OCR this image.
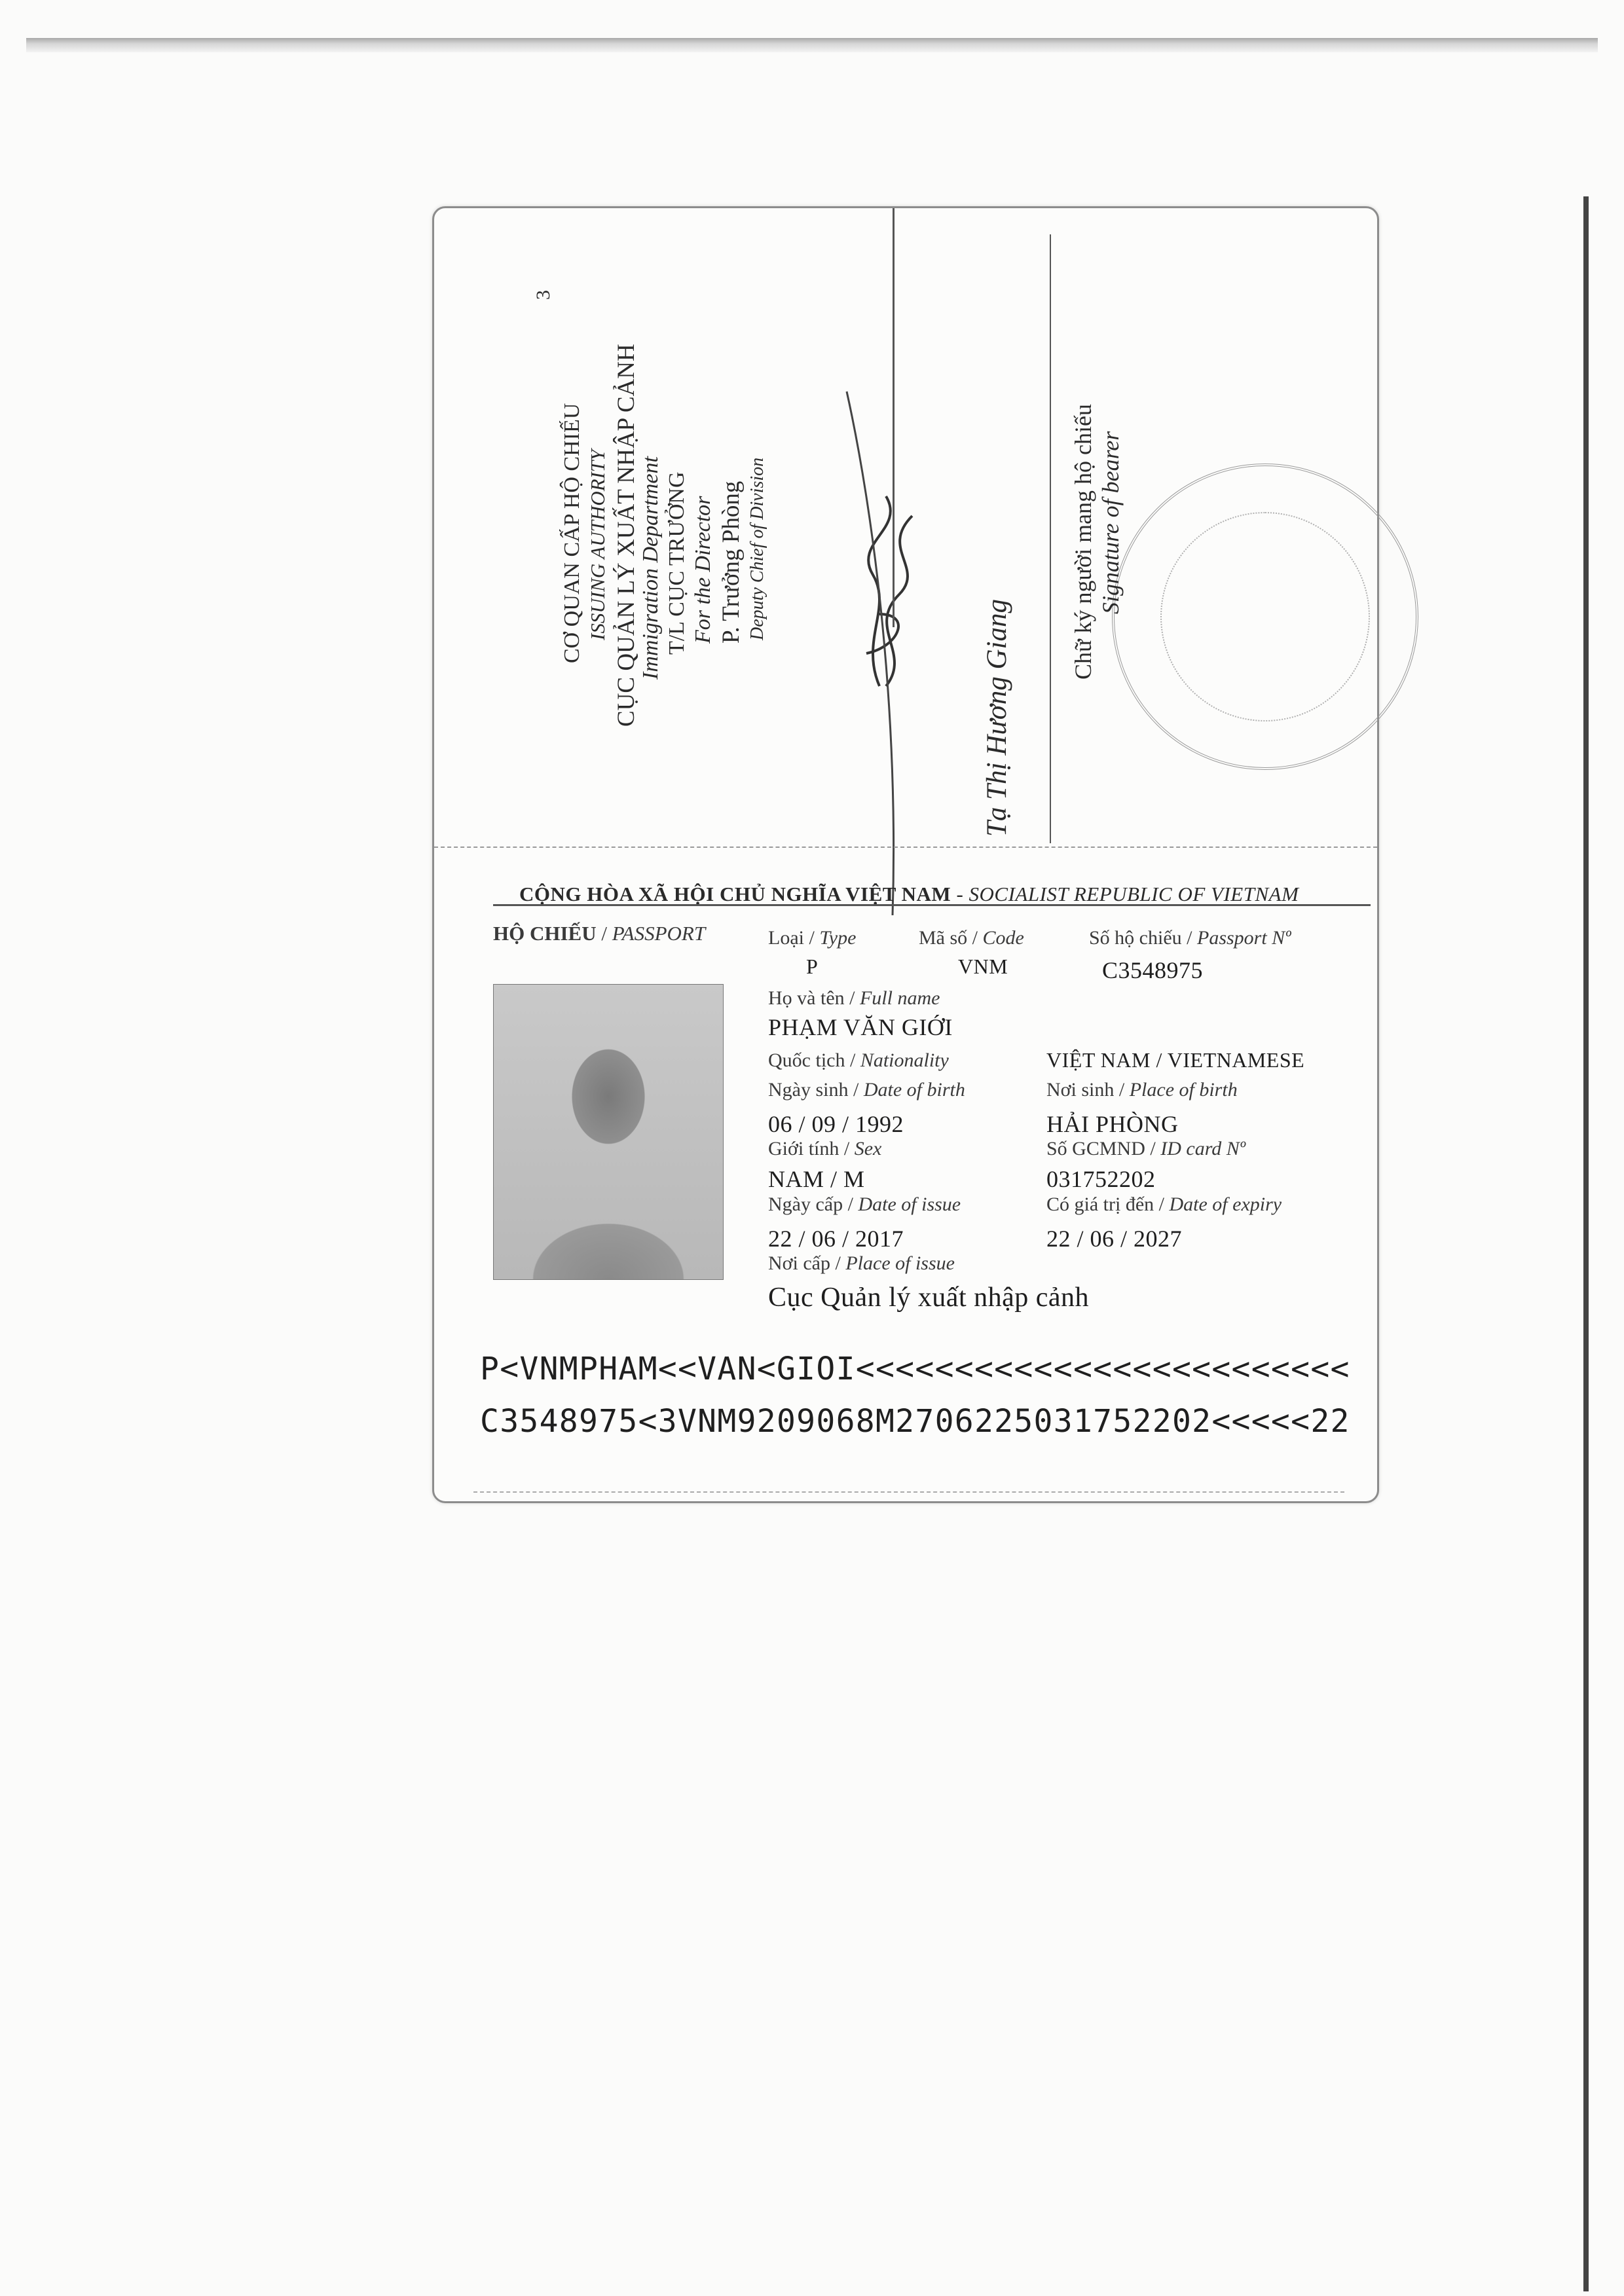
3
CƠ QUAN CẤP HỘ CHIẾU ISSUING AUTHORITY CỤC QUẢN LÝ XUẤT NHẬP CẢNH
Immigration Department T/L CỤC TRƯỞNG For the Director P. Trưởng Phòng Deputy Chief of Division
Tạ Thị Hương Giang
Chữ ký người mang hộ chiếu Signature of bearer
CỘNG HÒA XÃ HỘI CHỦ NGHĨA VIỆT NAM - SOCIALIST REPUBLIC OF VIETNAM
HỘ CHIẾU / PASSPORT	Loại / Type
P
Mã số / Code
VNM
Số hộ chiếu / Passport Nº
C3548975
Họ và tên / Full name
PHẠM VĂN GIỚI
Quốc tịch / Nationality	VIỆT NAM / VIETNAMESE
Ngày sinh / Date of birth	Nơi sinh / Place of birth
06 / 09 / 1992	HẢI PHÒNG
Giới tính / Sex	Số GCMND / ID card Nº
NAM / M	031752202
Ngày cấp / Date of issue	Có giá trị đến / Date of expiry
22 / 06 / 2017	22 / 06 / 2027
Nơi cấp / Place of issue
Cục Quản lý xuất nhập cảnh
P<VNMPHAM<<VAN<GIOI<<<<<<<<<<<<<<<<<<<<<<<<<
C3548975<3VNM9209068M2706225031752202<<<<<22
